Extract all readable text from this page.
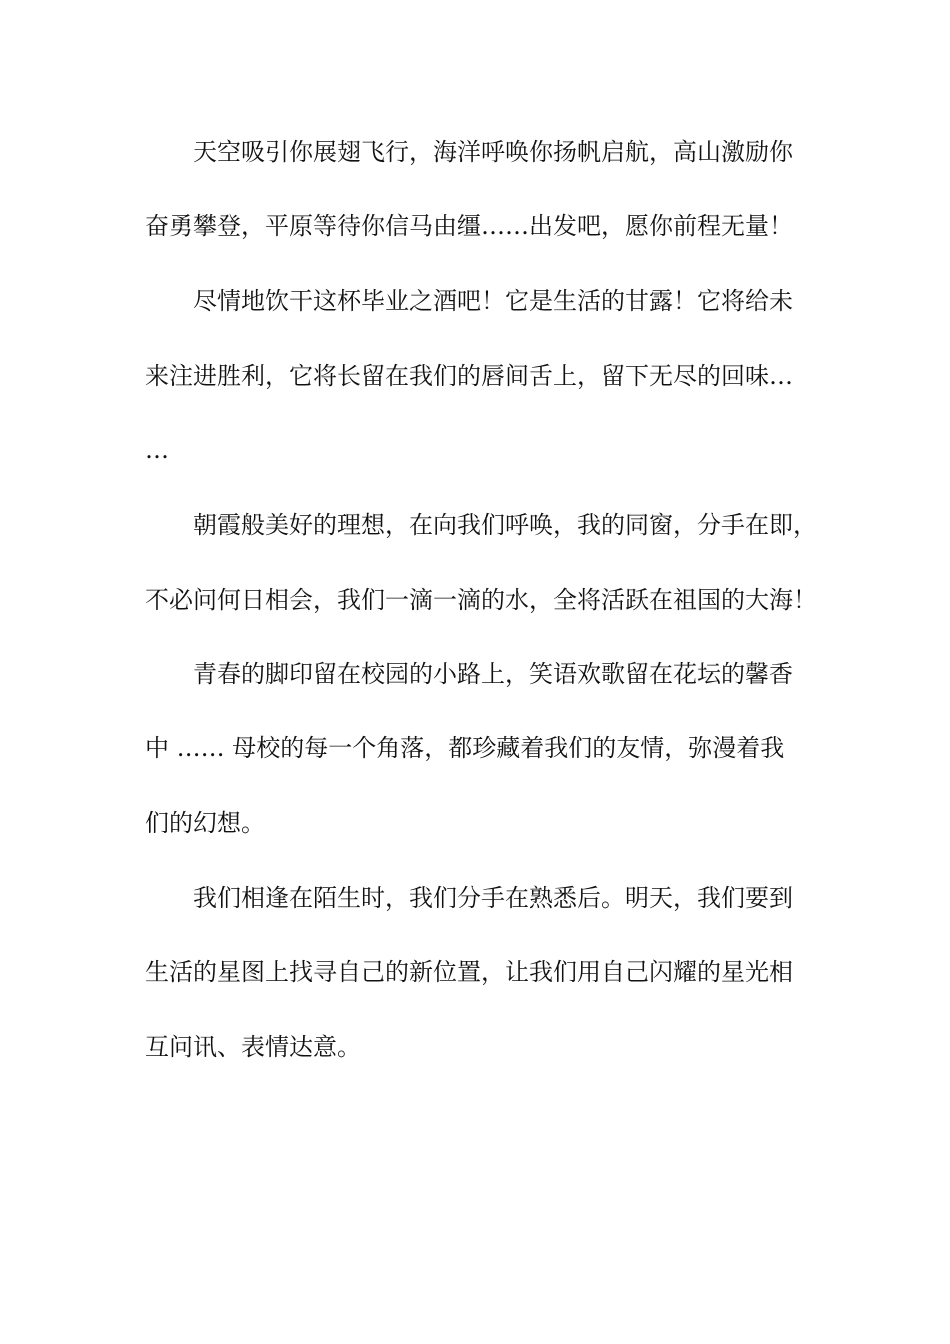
天空吸引你展翅飞行，海洋呼唤你扬帆启航，高山激励你
奋勇攀登，平原等待你信马由缰……出发吧，愿你前程无量！
尽情地饮干这杯毕业之酒吧！它是生活的甘露！它将给未
来注进胜利，它将长留在我们的唇间舌上，留下无尽的回味…
…
朝霞般美好的理想，在向我们呼唤，我的同窗，分手在即，
不必问何日相会，我们一滴一滴的水，全将活跃在祖国的大海！
青春的脚印留在校园的小路上，笑语欢歌留在花坛的馨香
中 …… 母校的每一个角落，都珍藏着我们的友情，弥漫着我
们的幻想。
我们相逢在陌生时，我们分手在熟悉后。明天，我们要到
生活的星图上找寻自己的新位置，让我们用自己闪耀的星光相
互问讯、表情达意。
